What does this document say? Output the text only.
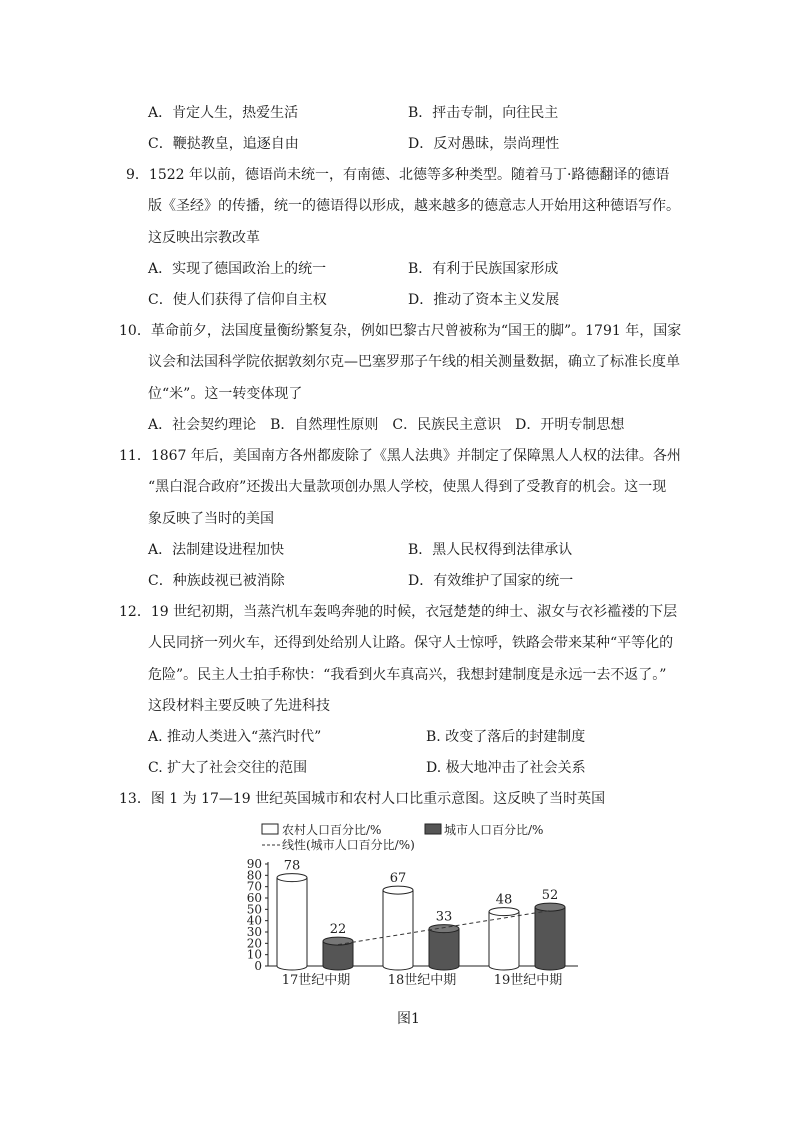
A．肯定人生，热爱生活	B．抨击专制，向往民主
C．鞭挞教皇，追逐自由	D．反对愚昧，崇尚理性
9．1522 年以前，德语尚未统一，有南德、北德等多种类型。随着马丁·路德翻译的德语
版《圣经》的传播，统一的德语得以形成，越来越多的德意志人开始用这种德语写作。
这反映出宗教改革
A．实现了德国政治上的统一	B．有利于民族国家形成
C．使人们获得了信仰自主权	D．推动了资本主义发展
10．革命前夕，法国度量衡纷繁复杂，例如巴黎古尺曾被称为“国王的脚”。1791 年，国家
议会和法国科学院依据敦刻尔克—巴塞罗那子午线的相关测量数据，确立了标准长度单
位“米”。这一转变体现了
A．社会契约理论　B．自然理性原则　C．民族民主意识　D．开明专制思想
11．1867 年后，美国南方各州都废除了《黑人法典》并制定了保障黑人人权的法律。各州
“黑白混合政府”还拨出大量款项创办黑人学校，使黑人得到了受教育的机会。这一现
象反映了当时的美国
A．法制建设进程加快	B．黑人民权得到法律承认
C．种族歧视已被消除	D．有效维护了国家的统一
12．19 世纪初期，当蒸汽机车轰鸣奔驰的时候，衣冠楚楚的绅士、淑女与衣衫褴褛的下层
人民同挤一列火车，还得到处给别人让路。保守人士惊呼，铁路会带来某种“平等化的
危险”。民主人士拍手称快：“我看到火车真高兴，我想封建制度是永远一去不返了。”
这段材料主要反映了先进科技
A. 推动人类进入“蒸汽时代”	B. 改变了落后的封建制度
C. 扩大了社会交往的范围	D. 极大地冲击了社会关系
13．图 1 为 17—19 世纪英国城市和农村人口比重示意图。这反映了当时英国
农村人口百分比/%	城市人口百分比/%
线性(城市人口百分比/%)
0
10
20
30
40
50
60
70
80
90
17世纪中期
78
22
18世纪中期
67
33
19世纪中期
48 52
图1
